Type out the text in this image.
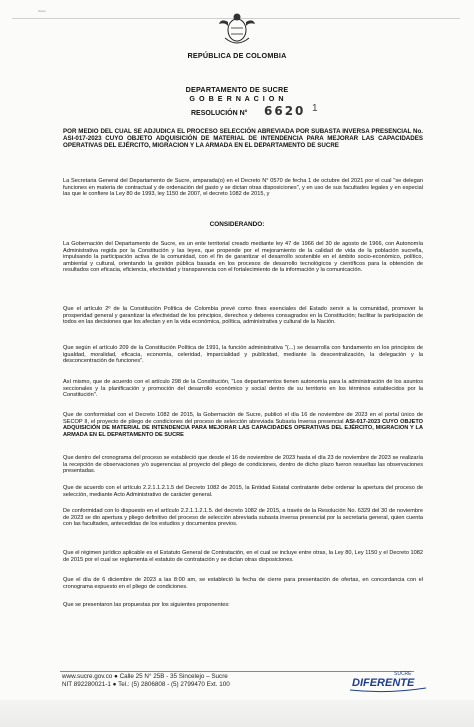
Sucre
REPÚBLICA DE COLOMBIA
DEPARTAMENTO DE SUCRE
G O B E R N A C I O N
RESOLUCIÓN N° 6620 1
POR MEDIO DEL CUAL SE ADJUDICA EL PROCESO SELECCIÓN ABREVIADA POR SUBASTA INVERSA PRESENCIAL No. ASI-017-2023 CUYO OBJETO ADQUISICIÓN DE MATERIAL DE INTENDENCIA PARA MEJORAR LAS CAPACIDADES OPERATIVAS DEL EJÉRCITO, MIGRACION Y LA ARMADA EN EL DEPARTAMENTO DE SUCRE
La Secretaria General del Departamento de Sucre, amparada(o) en el Decreto N° 0570 de fecha 1 de octubre del 2021 por el cual "se delegan funciones en materia de contractual y de ordenación del gasto y se dictan otras disposiciones", y en uso de sus facultades legales y en especial las que le confiere la Ley 80 de 1993, ley 1150 de 2007, el decreto 1082 de 2015, y
CONSIDERANDO:
La Gobernación del Departamento de Sucre, es un ente territorial creado mediante ley 47 de 1966 del 30 de agosto de 1966, con Autonomía Administrativa regida por la Constitución y las leyes, que propende por el mejoramiento de la calidad de vida de la población sucreña, impulsando la participación activa de la comunidad, con el fin de garantizar el desarrollo sostenible en el ámbito socio-económico, político, ambiental y cultural, orientando la gestión pública basada en los procesos de desarrollo tecnológicos y científicos para la obtención de resultados con eficacia, eficiencia, efectividad y transparencia con el fortalecimiento de la información y la comunicación.
Que el artículo 2º de la Constitución Política de Colombia prevé como fines esenciales del Estado servir a la comunidad, promover la prosperidad general y garantizar la efectividad de los principios, derechos y deberes consagrados en la Constitución; facilitar la participación de todos en las decisiones que los afectan y en la vida económica, política, administrativa y cultural de la Nación.
Que según el artículo 209 de la Constitución Política de 1991, la función administrativa "(...) se desarrolla con fundamento en los principios de igualdad, moralidad, eficacia, economía, celeridad, imparcialidad y publicidad, mediante la descentralización, la delegación y la desconcentración de funciones".
Así mismo, que de acuerdo con el artículo 298 de la Constitución, "Los departamentos tienen autonomía para la administración de los asuntos seccionales y la planificación y promoción del desarrollo económico y social dentro de su territorio en los términos establecidos por la Constitución".
Que de conformidad con el Decreto 1082 de 2015, la Gobernación de Sucre, publicó el día 16 de noviembre de 2023 en el portal único de SECOP II, el proyecto de pliego de condiciones del proceso de selección abreviada Subasta Inversa presencial ASI-017-2023 CUYO OBJETO ADQUISICIÓN DE MATERIAL DE INTENDENCIA PARA MEJORAR LAS CAPACIDADES OPERATIVAS DEL EJÉRCITO, MIGRACION Y LA ARMADA EN EL DEPARTAMENTO DE SUCRE
Que dentro del cronograma del proceso se estableció que desde el 16 de noviembre de 2023 hasta el día 23 de noviembre de 2023 se realizaría la recepción de observaciones y/o sugerencias al proyecto del pliego de condiciones, dentro de dicho plazo fueron resueltas las observaciones presentadas.
Que de acuerdo con el artículo 2.2.1.1.2.1.5 del Decreto 1082 de 2015, la Entidad Estatal contratante debe ordenar la apertura del proceso de selección, mediante Acto Administrativo de carácter general.
De conformidad con lo dispuesto en el artículo 2.2.1.1.2.1.5. del decreto 1082 de 2015, a través de la Resolución No. 6329 del 30 de noviembre de 2023 se dio apertura y pliego definitivo del proceso de selección abreviada subasta inversa presencial por la secretaria general, quien cuenta con las facultades, antecedidas de los estudios y documentos previos.
Que el régimen jurídico aplicable es el Estatuto General de Contratación, en el cual se incluye entre otras, la Ley 80, Ley 1150 y el Decreto 1082 de 2015 por el cual se reglamenta el estatuto de contratación y se dictan otras disposiciones.
Que el día de 6 diciembre de 2023 a las 8:00 am, se estableció la fecha de cierre para presentación de ofertas, en concordancia con el cronograma expuesto en el pliego de condiciones.
Que se presentaron las propuestas por los siguientes proponentes:
www.sucre.gov.co ● Calle 25 N° 25B - 35 Sincelejo – Sucre
NIT 892280021-1 ● Tel.: (5) 2806808 - (5) 2799470 Ext. 100
SUCRE
DIFERENTE
